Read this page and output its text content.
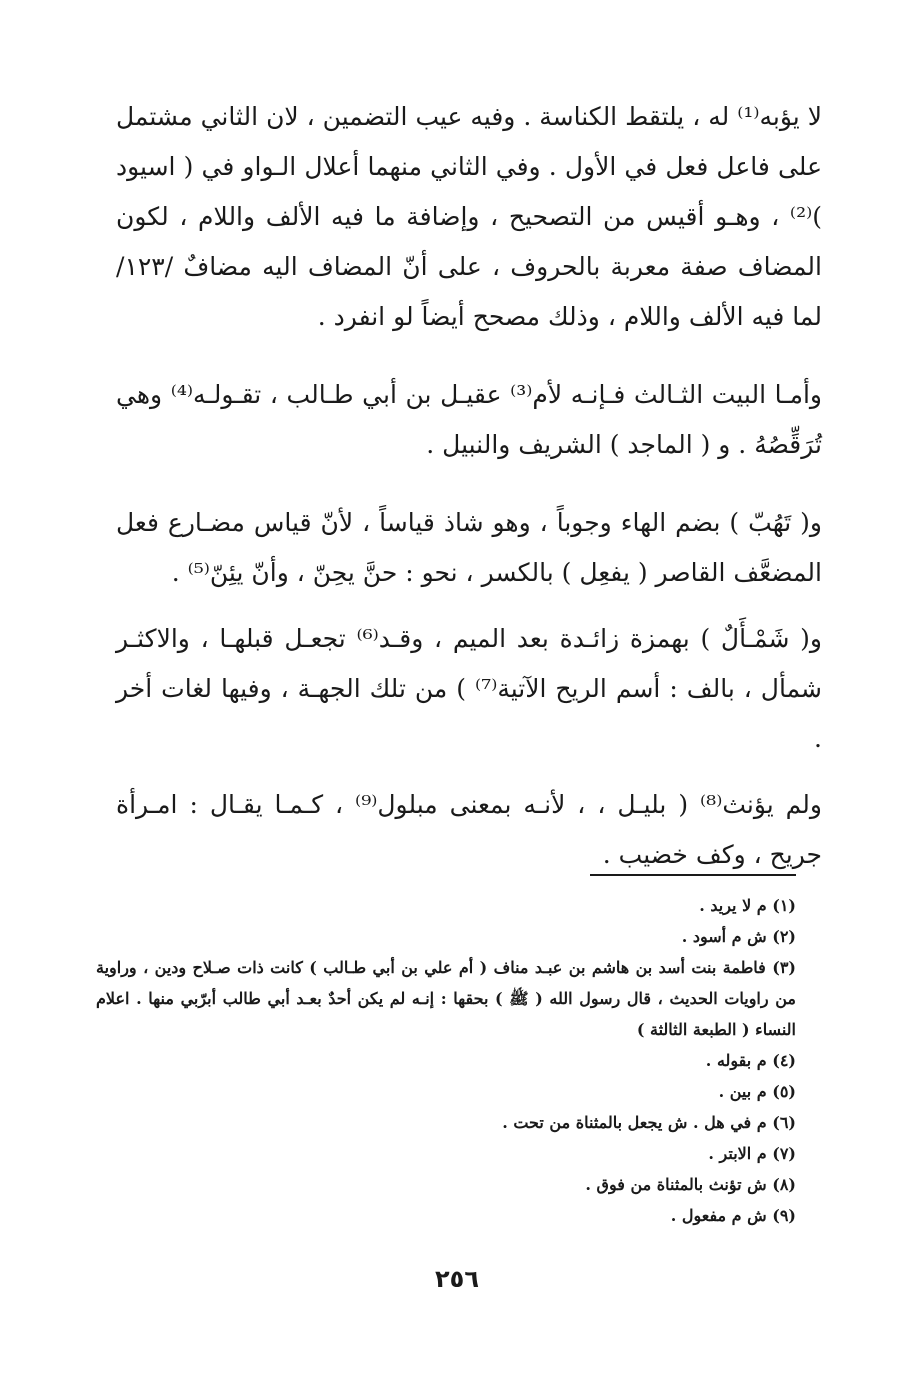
لا يؤبه⁽¹⁾ له ، يلتقط الكناسة . وفيه عيب التضمين ، لان الثاني مشتمل على فاعل فعل في الأول . وفي الثاني منهما أعلال الـواو في ( اسيود )⁽²⁾ ، وهـو أقيس من التصحيح ، وإضافة ما فيه الألف واللام ، لكون المضاف صفة معربة بالحروف ، على أنّ المضاف اليه مضافٌ /١٢٣/ لما فيه الألف واللام ، وذلك مصحح أيضاً لو انفرد .

وأمـا البيت الثـالث فـإنـه لأم⁽³⁾ عقيـل بن أبي طـالب ، تقـولـه⁽⁴⁾ وهي تُرَقِّصُهُ . و ( الماجد ) الشريف والنبيل .

و( تَهُبّ ) بضم الهاء وجوباً ، وهو شاذ قياساً ، لأنّ قياس مضـارع فعل المضعَّف القاصر ( يفعِل ) بالكسر ، نحو : حنَّ يحِنّ ، وأنّ يئِنّ⁽⁵⁾ .

و( شَمْـأَلٌ ) بهمزة زائـدة بعد الميم ، وقـد⁽⁶⁾ تجعـل قبلهـا ، والاكثـر شمأل ، بالف : أسم الريح الآتية⁽⁷⁾ ) من تلك الجهـة ، وفيها لغات أخر .

ولم يؤنث⁽⁸⁾ ( بليـل ، ، لأنـه بمعنى مبلول⁽⁹⁾ ، كـمـا يقـال : امـرأة جريح ، وكف خضيب .

(١) م لا يريد .

(٢) ش م أسود .

(٣) فاطمة بنت أسد بن هاشم بن عبـد مناف ( أم علي بن أبي طـالب ) كانت ذات صـلاح ودين ، وراوية من راويات الحديث ، قال رسول الله ( ﷺ ) بحقها : إنـه لم يكن أحدٌ بعـد أبي طالب أبرّبي منها . اعلام النساء ( الطبعة الثالثة )

(٤) م بقوله .

(٥) م بين .

(٦) م في هل . ش يجعل بالمثناة من تحت .

(٧) م الابتر .

(٨) ش تؤنث بالمثناة من فوق .

(٩) ش م مفعول .

٢٥٦
